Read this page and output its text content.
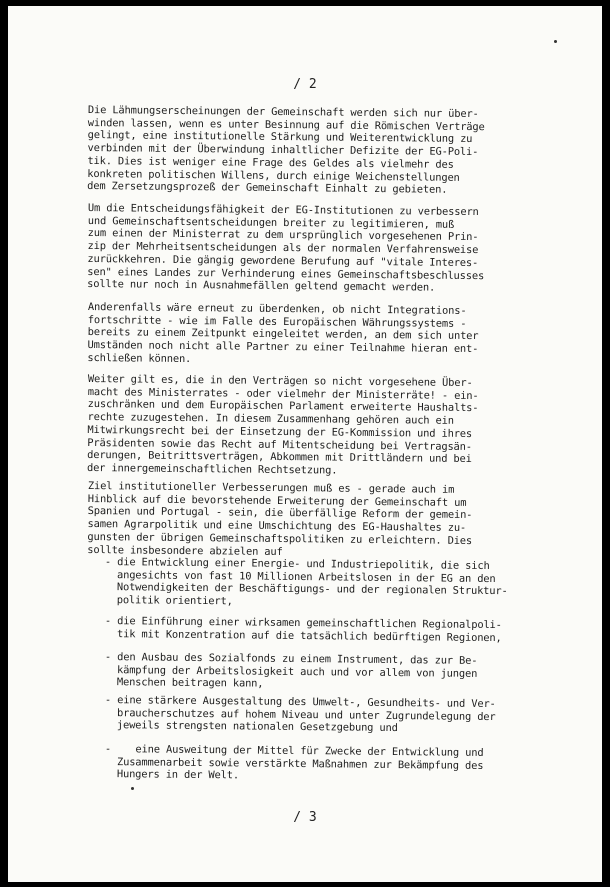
/ 2
Die Lähmungserscheinungen der Gemeinschaft werden sich nur über-
winden lassen, wenn es unter Besinnung auf die Römischen Verträge
gelingt, eine institutionelle Stärkung und Weiterentwicklung zu
verbinden mit der Überwindung inhaltlicher Defizite der EG-Poli-
tik. Dies ist weniger eine Frage des Geldes als vielmehr des
konkreten politischen Willens, durch einige Weichenstellungen
dem Zersetzungsprozeß der Gemeinschaft Einhalt zu gebieten.
Um die Entscheidungsfähigkeit der EG-Institutionen zu verbessern
und Gemeinschaftsentscheidungen breiter zu legitimieren, muß
zum einen der Ministerrat zu dem ursprünglich vorgesehenen Prin-
zip der Mehrheitsentscheidungen als der normalen Verfahrensweise
zurückkehren. Die gängig gewordene Berufung auf "vitale Interes-
sen" eines Landes zur Verhinderung eines Gemeinschaftsbeschlusses
sollte nur noch in Ausnahmefällen geltend gemacht werden.
Anderenfalls wäre erneut zu überdenken, ob nicht Integrations-
fortschritte - wie im Falle des Europäischen Währungssystems -
bereits zu einem Zeitpunkt eingeleitet werden, an dem sich unter
Umständen noch nicht alle Partner zu einer Teilnahme hieran ent-
schließen können.
Weiter gilt es, die in den Verträgen so nicht vorgesehene Über-
macht des Ministerrates - oder vielmehr der Ministerräte! - ein-
zuschränken und dem Europäischen Parlament erweiterte Haushalts-
rechte zuzugestehen. In diesem Zusammenhang gehören auch ein
Mitwirkungsrecht bei der Einsetzung der EG-Kommission und ihres
Präsidenten sowie das Recht auf Mitentscheidung bei Vertragsän-
derungen, Beitrittsverträgen, Abkommen mit Drittländern und bei
der innergemeinschaftlichen Rechtsetzung.
Ziel institutioneller Verbesserungen muß es - gerade auch im
Hinblick auf die bevorstehende Erweiterung der Gemeinschaft um
Spanien und Portugal - sein, die überfällige Reform der gemein-
samen Agrarpolitik und eine Umschichtung des EG-Haushaltes zu-
gunsten der übrigen Gemeinschaftspolitiken zu erleichtern. Dies
sollte insbesondere abzielen auf
- die Entwicklung einer Energie- und Industriepolitik, die sich
angesichts von fast 10 Millionen Arbeitslosen in der EG an den
Notwendigkeiten der Beschäftigungs- und der regionalen Struktur-
politik orientiert,
- die Einführung einer wirksamen gemeinschaftlichen Regionalpoli-
tik mit Konzentration auf die tatsächlich bedürftigen Regionen,
- den Ausbau des Sozialfonds zu einem Instrument, das zur Be-
kämpfung der Arbeitslosigkeit auch und vor allem von jungen
Menschen beitragen kann,
- eine stärkere Ausgestaltung des Umwelt-, Gesundheits- und Ver-
braucherschutzes auf hohem Niveau und unter Zugrundelegung der
jeweils strengsten nationalen Gesetzgebung und
-    eine Ausweitung der Mittel für Zwecke der Entwicklung und
Zusammenarbeit sowie verstärkte Maßnahmen zur Bekämpfung des
Hungers in der Welt.
/ 3
